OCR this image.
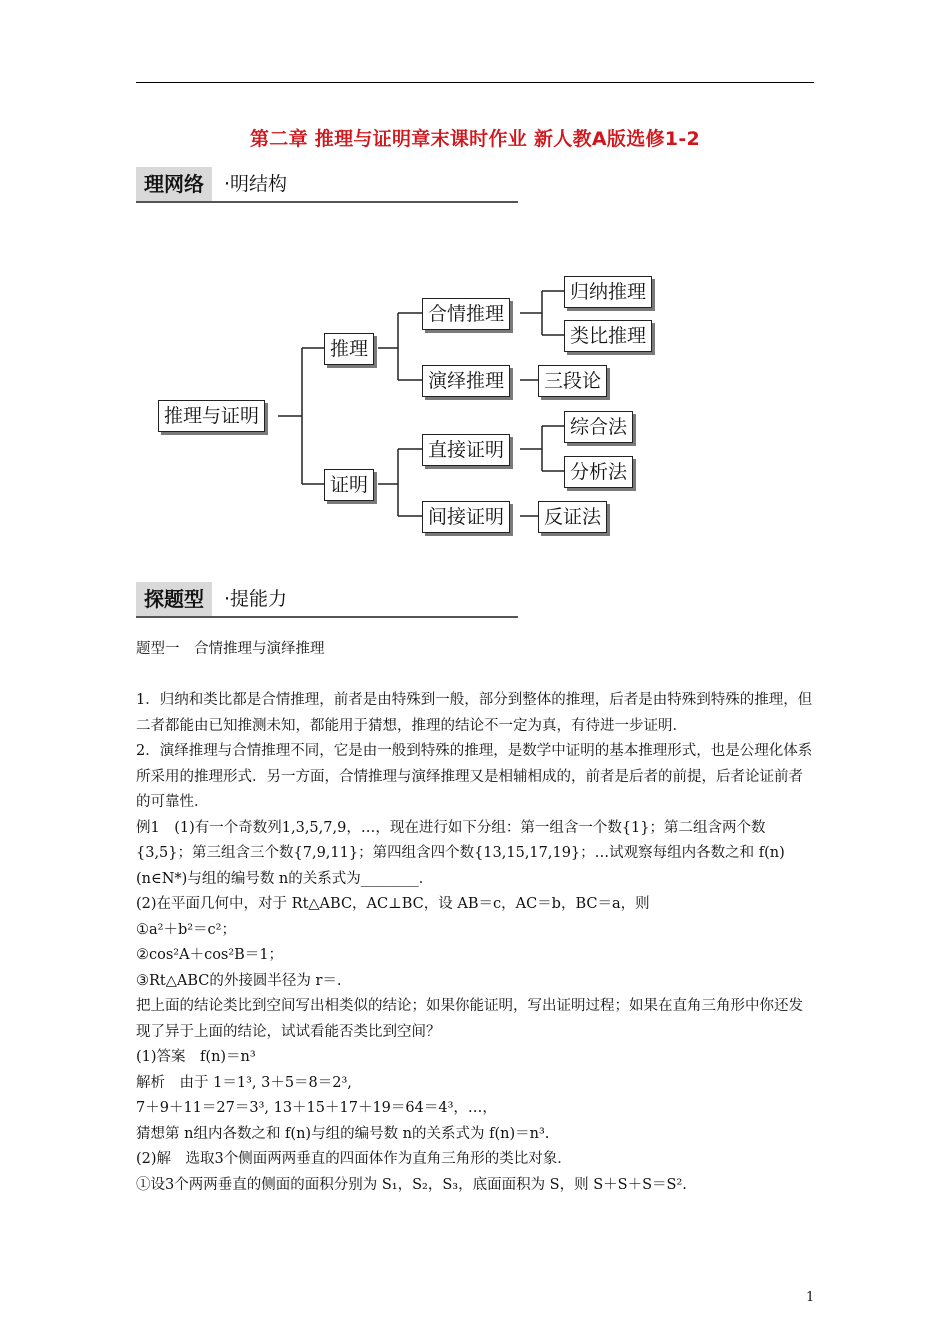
第二章 推理与证明章末课时作业 新人教A版选修1-2
理网络	·明结构
推理与证明
推理
证明
合情推理
演绎推理
归纳推理
类比推理
三段论
直接证明
间接证明
综合法
分析法
反证法
探题型	·提能力

题型一　合情推理与演绎推理

1．归纳和类比都是合情推理，前者是由特殊到一般，部分到整体的推理，后者是由特殊到特殊的推理，但二者都能由已知推测未知，都能用于猜想，推理的结论不一定为真，有待进一步证明．

2．演绎推理与合情推理不同，它是由一般到特殊的推理，是数学中证明的基本推理形式，也是公理化体系所采用的推理形式．另一方面，合情推理与演绎推理又是相辅相成的，前者是后者的前提，后者论证前者的可靠性．

例1　(1)有一个奇数列1,3,5,7,9，…，现在进行如下分组：第一组含一个数{1}；第二组含两个数{3,5}；第三组含三个数{7,9,11}；第四组含四个数{13,15,17,19}；…试观察每组内各数之和 f(n)(n∈N*)与组的编号数 n的关系式为________．

(2)在平面几何中，对于 Rt△ABC，AC⊥BC，设 AB＝c，AC＝b，BC＝a，则

①a²＋b²＝c²；

②cos²A＋cos²B＝1；

③Rt△ABC的外接圆半径为 r＝.

把上面的结论类比到空间写出相类似的结论；如果你能证明，写出证明过程；如果在直角三角形中你还发现了异于上面的结论，试试看能否类比到空间？

(1)答案　f(n)＝n³

解析　由于 1＝1³, 3＋5＝8＝2³,

7＋9＋11＝27＝3³, 13＋15＋17＋19＝64＝4³，…，

猜想第 n组内各数之和 f(n)与组的编号数 n的关系式为 f(n)＝n³.

(2)解　选取3个侧面两两垂直的四面体作为直角三角形的类比对象．

①设3个两两垂直的侧面的面积分别为 S₁，S₂，S₃，底面面积为 S，则 S＋S＋S＝S².

1
